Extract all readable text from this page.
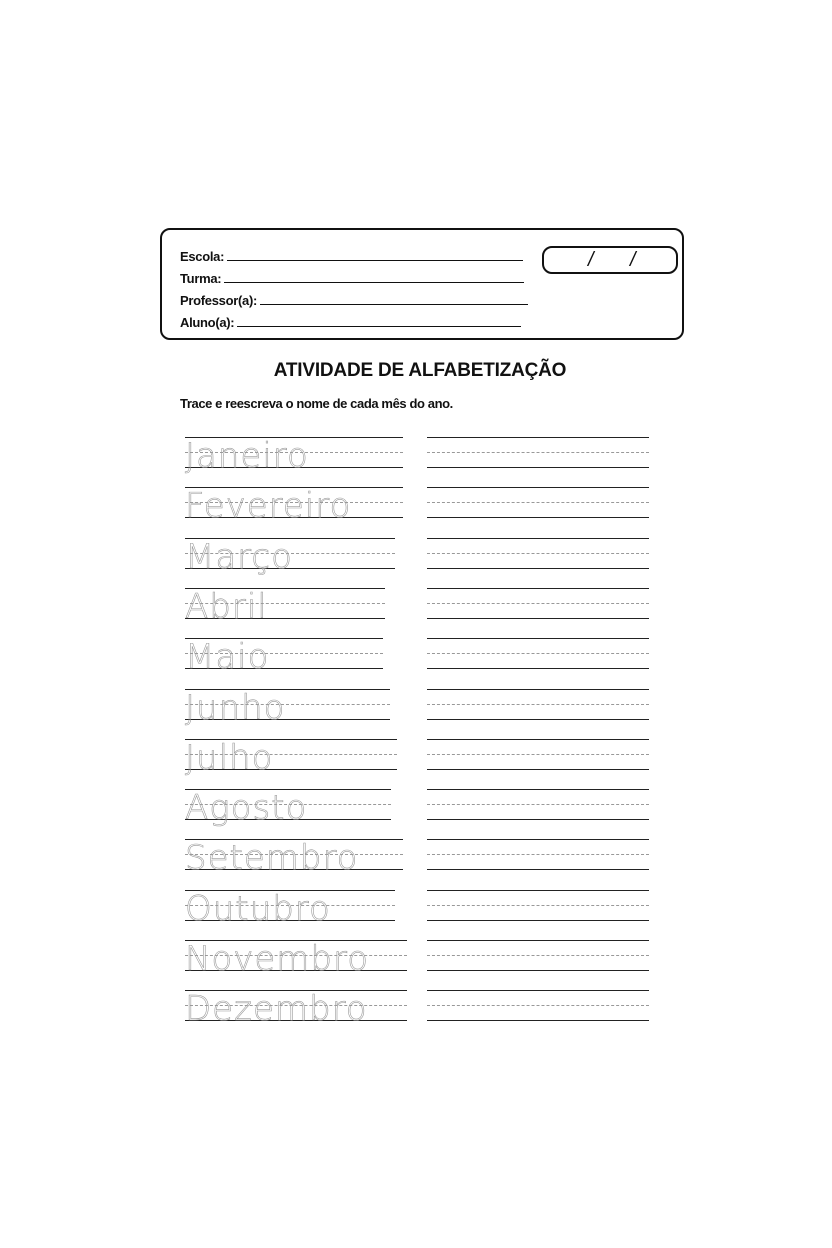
Escola:
Turma:
Professor(a):
Aluno(a):
/ /
ATIVIDADE DE ALFABETIZAÇÃO
Trace e reescreva o nome de cada mês do ano.
Janeiro
Fevereiro
Março
Abril
Maio
Junho
Julho
Agosto
Setembro
Outubro
Novembro
Dezembro
